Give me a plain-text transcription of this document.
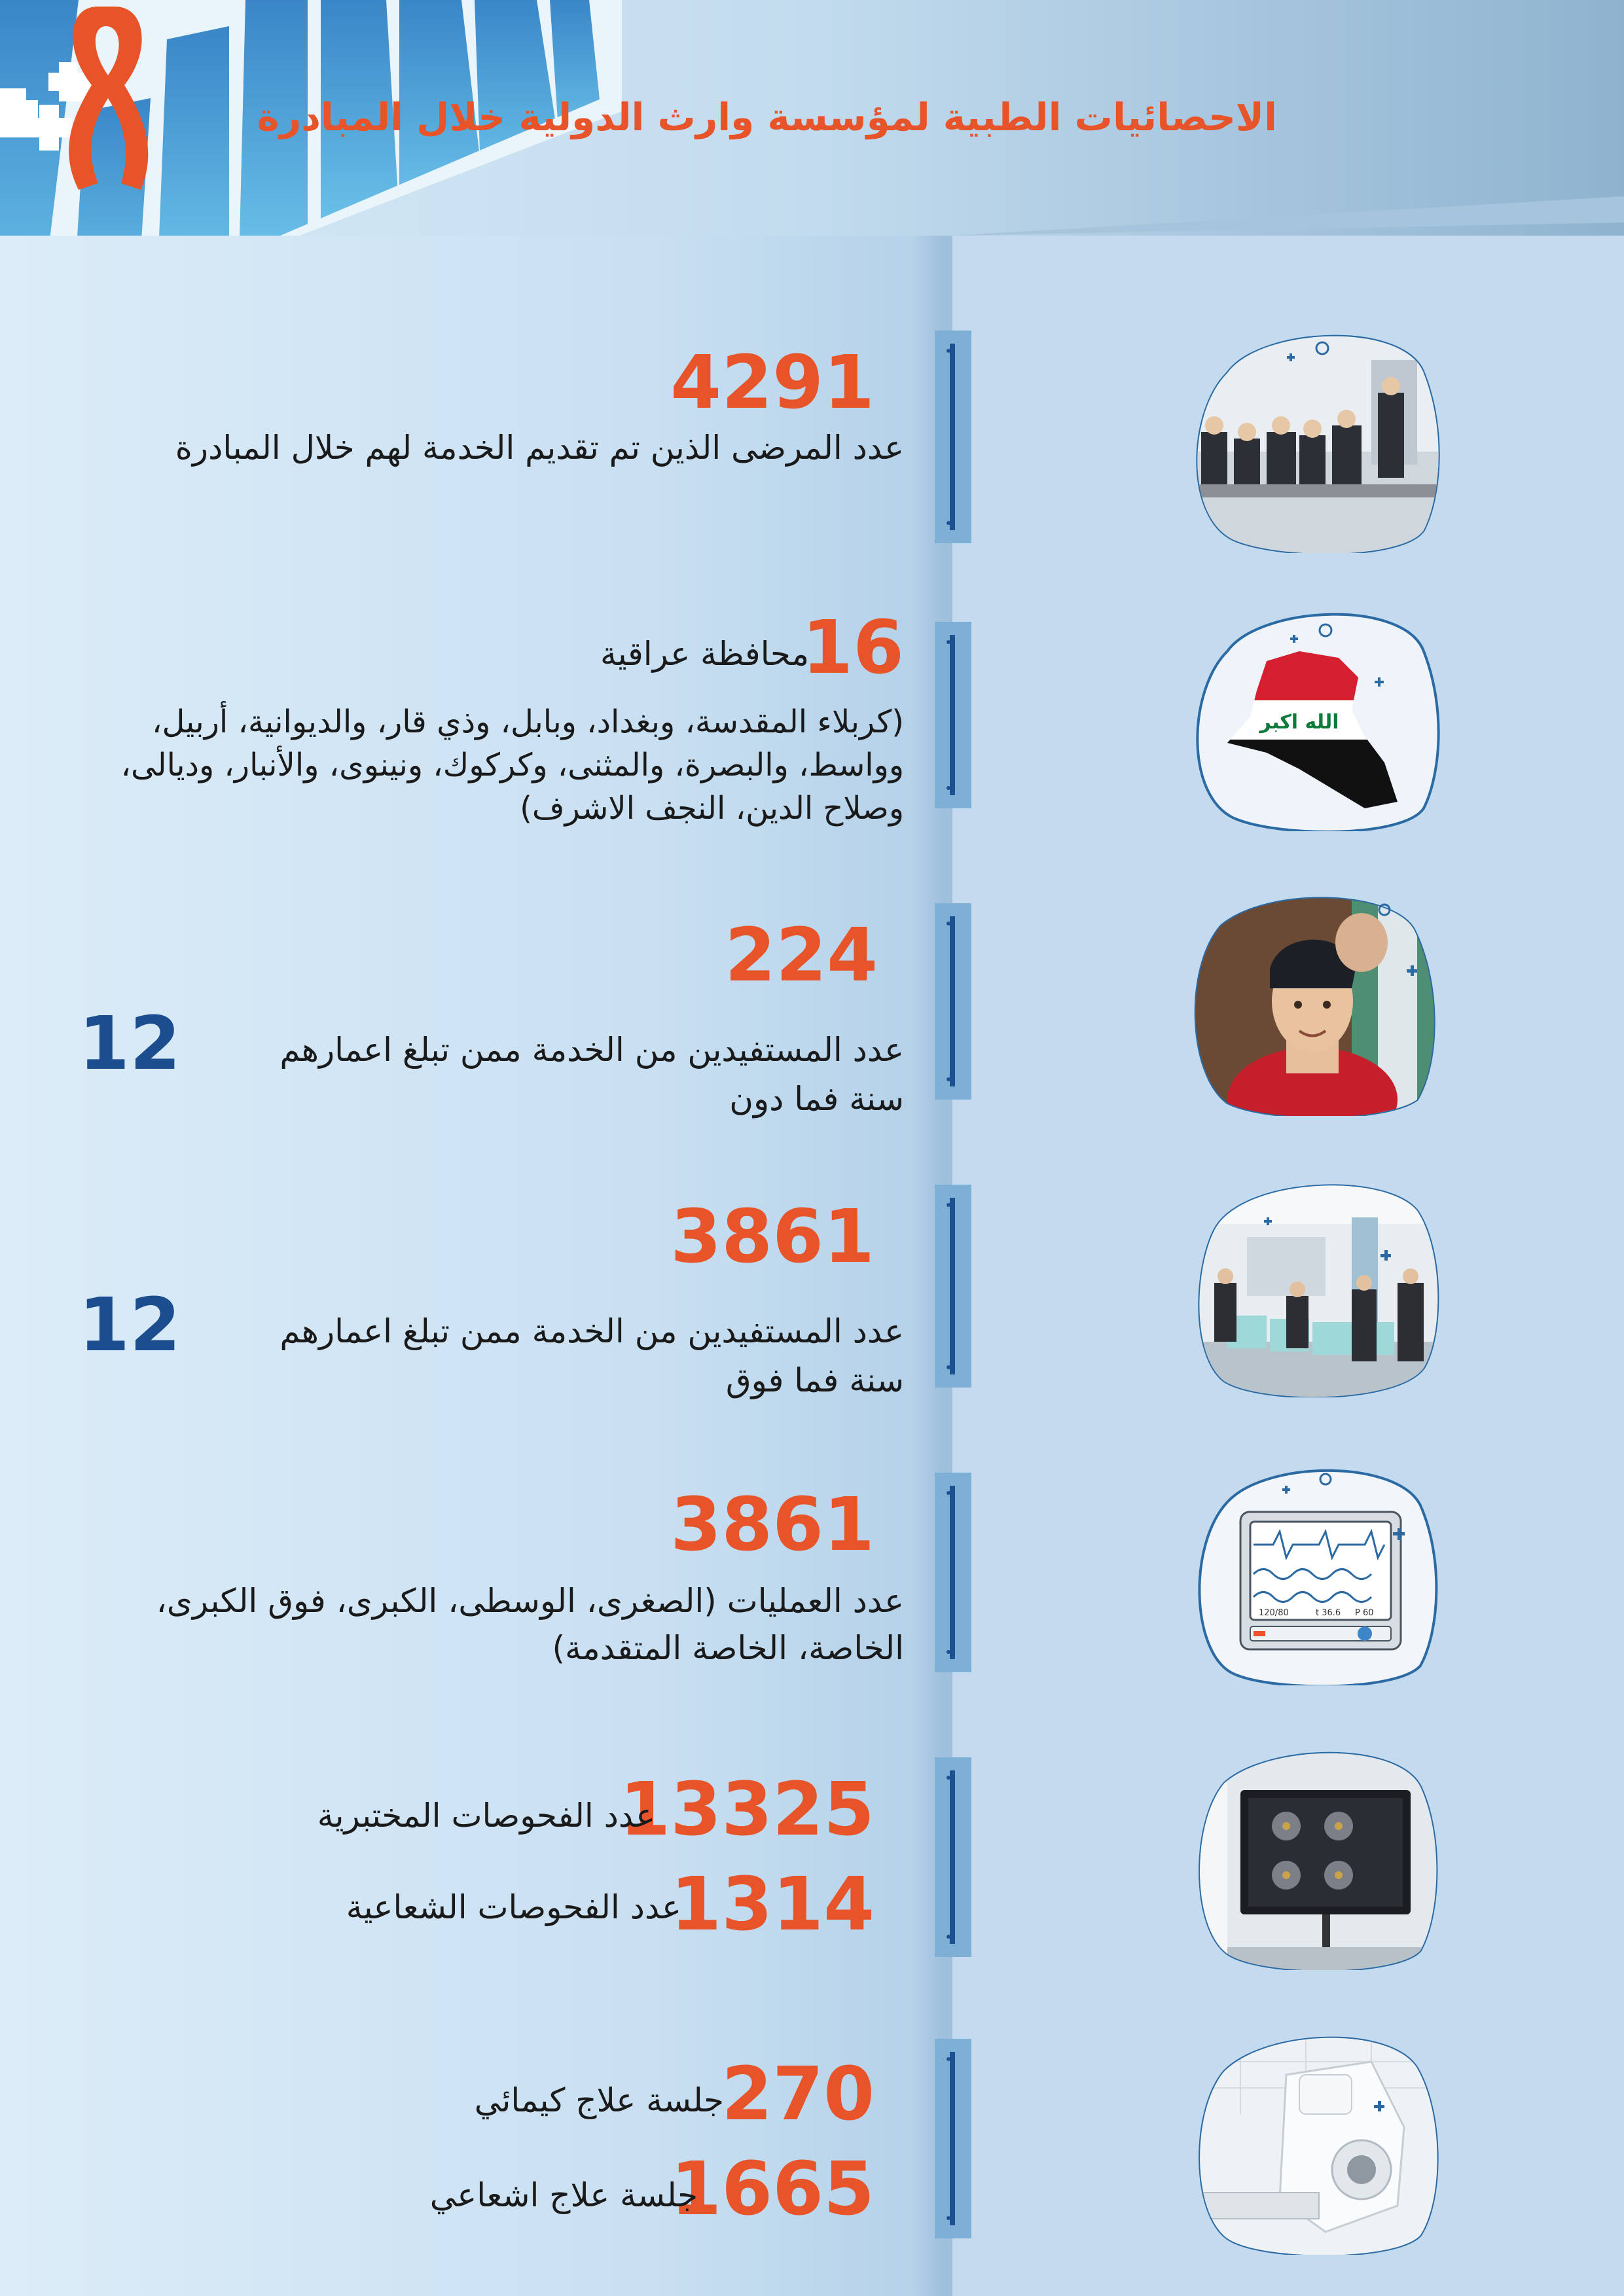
الاحصائيات الطبية لمؤسسة وارث الدولية خلال المبادرة
4291
عدد المرضى الذين تم تقديم الخدمة لهم خلال المبادرة
16
محافظة عراقية
(كربلاء المقدسة، وبغداد، وبابل، وذي قار، والديوانية، أربيل،
وواسط، والبصرة، والمثنى، وكركوك، ونينوى، والأنبار، وديالى،
وصلاح الدين، النجف الاشرف)
الله اكبر
224
عدد المستفيدين من الخدمة ممن تبلغ اعمارهم
12
سنة فما دون
3861
عدد المستفيدين من الخدمة ممن تبلغ اعمارهم
12
سنة فما فوق
3861
عدد العمليات (الصغرى، الوسطى، الكبرى، فوق الكبرى،
الخاصة، الخاصة المتقدمة)
120/80	t 36.6 P 60
13325
عدد الفحوصات المختبرية
1314
عدد الفحوصات الشعاعية
270
جلسة علاج كيمائي
1665
جلسة علاج اشعاعي
